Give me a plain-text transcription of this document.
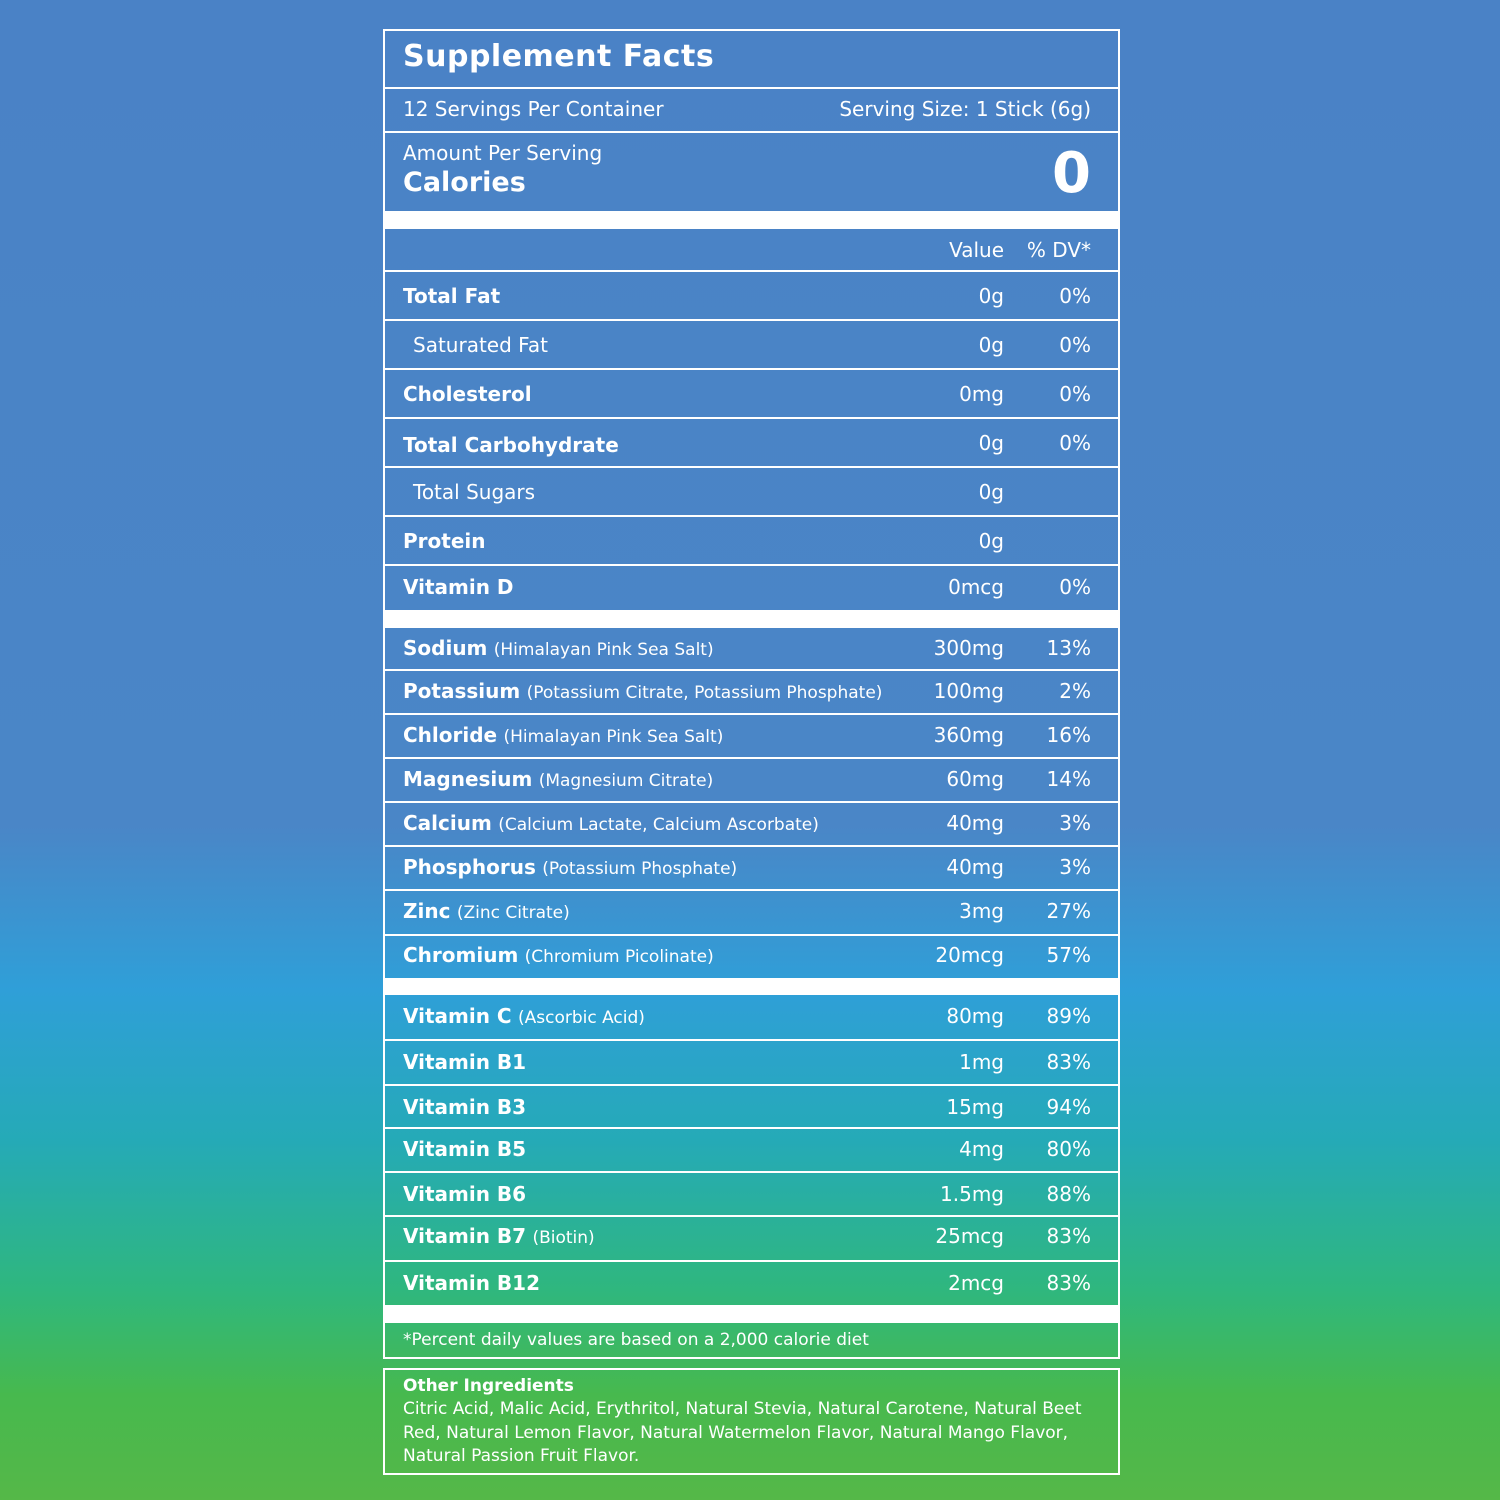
Supplement Facts
12 Servings Per Container	Serving Size: 1 Stick (6g)
Amount Per Serving
Calories	0
Value % DV*
Total Fat	0g	0%
Saturated Fat	0g	0%
Cholesterol	0mg	0%
Total Carbohydrate	0g	0%
Total Sugars	0g
Protein	0g
Vitamin D	0mcg	0%
Sodium (Himalayan Pink Sea Salt)	300mg 13%
Potassium (Potassium Citrate, Potassium Phosphate)	100mg	2%
Chloride (Himalayan Pink Sea Salt)	360mg 16%
Magnesium (Magnesium Citrate)	60mg 14%
Calcium (Calcium Lactate, Calcium Ascorbate)	40mg	3%
Phosphorus (Potassium Phosphate)	40mg	3%
Zinc (Zinc Citrate)	3mg 27%
Chromium (Chromium Picolinate)	20mcg 57%
Vitamin C (Ascorbic Acid)	80mg 89%
Vitamin B1	1mg 83%
Vitamin B3	15mg 94%
Vitamin B5	4mg 80%
Vitamin B6	1.5mg 88%
Vitamin B7 (Biotin)	25mcg 83%
Vitamin B12	2mcg 83%
*Percent daily values are based on a 2,000 calorie diet
Other Ingredients
Citric Acid, Malic Acid, Erythritol, Natural Stevia, Natural Carotene, Natural Beet Red, Natural Lemon Flavor, Natural Watermelon Flavor, Natural Mango Flavor, Natural Passion Fruit Flavor.
